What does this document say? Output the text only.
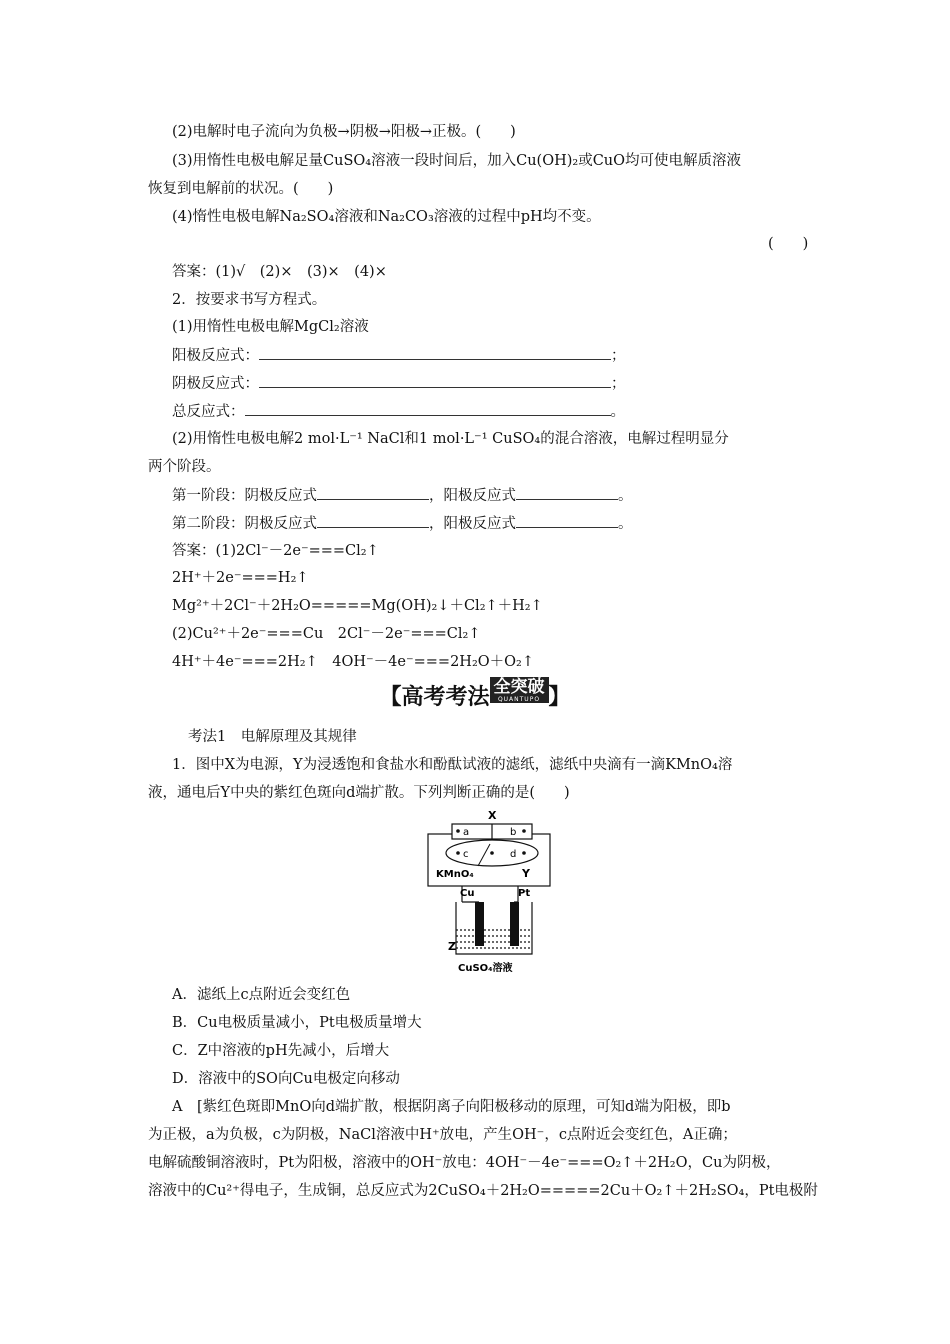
(2)电解时电子流向为负极→阴极→阳极→正极。(　　)
(3)用惰性电极电解足量CuSO₄溶液一段时间后，加入Cu(OH)₂或CuO均可使电解质溶液
恢复到电解前的状况。(　　)
(4)惰性电极电解Na₂SO₄溶液和Na₂CO₃溶液的过程中pH均不变。
(　　)
答案：(1)√　(2)×　(3)×　(4)×
2．按要求书写方程式。
(1)用惰性电极电解MgCl₂溶液
阳极反应式：	；
阴极反应式：	；
总反应式：	。
(2)用惰性电极电解2 mol·L⁻¹ NaCl和1 mol·L⁻¹ CuSO₄的混合溶液，电解过程明显分
两个阶段。
第一阶段：阴极反应式	，阳极反应式	。
第二阶段：阴极反应式	，阳极反应式	。
答案：(1)2Cl⁻－2e⁻===Cl₂↑
2H⁺＋2e⁻===H₂↑
Mg²⁺＋2Cl⁻＋2H₂O=====Mg(OH)₂↓＋Cl₂↑＋H₂↑
(2)Cu²⁺＋2e⁻===Cu　2Cl⁻－2e⁻===Cl₂↑
4H⁺＋4e⁻===2H₂↑　4OH⁻－4e⁻===2H₂O＋O₂↑
【高考考法 全突破
QUANTUPO 】
考法1　电解原理及其规律
1．图中X为电源，Y为浸透饱和食盐水和酚酞试液的滤纸，滤纸中央滴有一滴KMnO₄溶
液，通电后Y中央的紫红色斑向d端扩散。下列判断正确的是(　　)
X
a	b
c	d
KMnO₄	Y
Cu	Pt
Z
CuSO₄溶液
A．滤纸上c点附近会变红色
B．Cu电极质量减小，Pt电极质量增大
C．Z中溶液的pH先减小，后增大
D．溶液中的SO向Cu电极定向移动
A　[紫红色斑即MnO向d端扩散，根据阴离子向阳极移动的原理，可知d端为阳极，即b
为正极，a为负极，c为阴极，NaCl溶液中H⁺放电，产生OH⁻，c点附近会变红色，A正确；
电解硫酸铜溶液时，Pt为阳极，溶液中的OH⁻放电：4OH⁻－4e⁻===O₂↑＋2H₂O，Cu为阴极，
溶液中的Cu²⁺得电子，生成铜，总反应式为2CuSO₄＋2H₂O=====2Cu＋O₂↑＋2H₂SO₄，Pt电极附
